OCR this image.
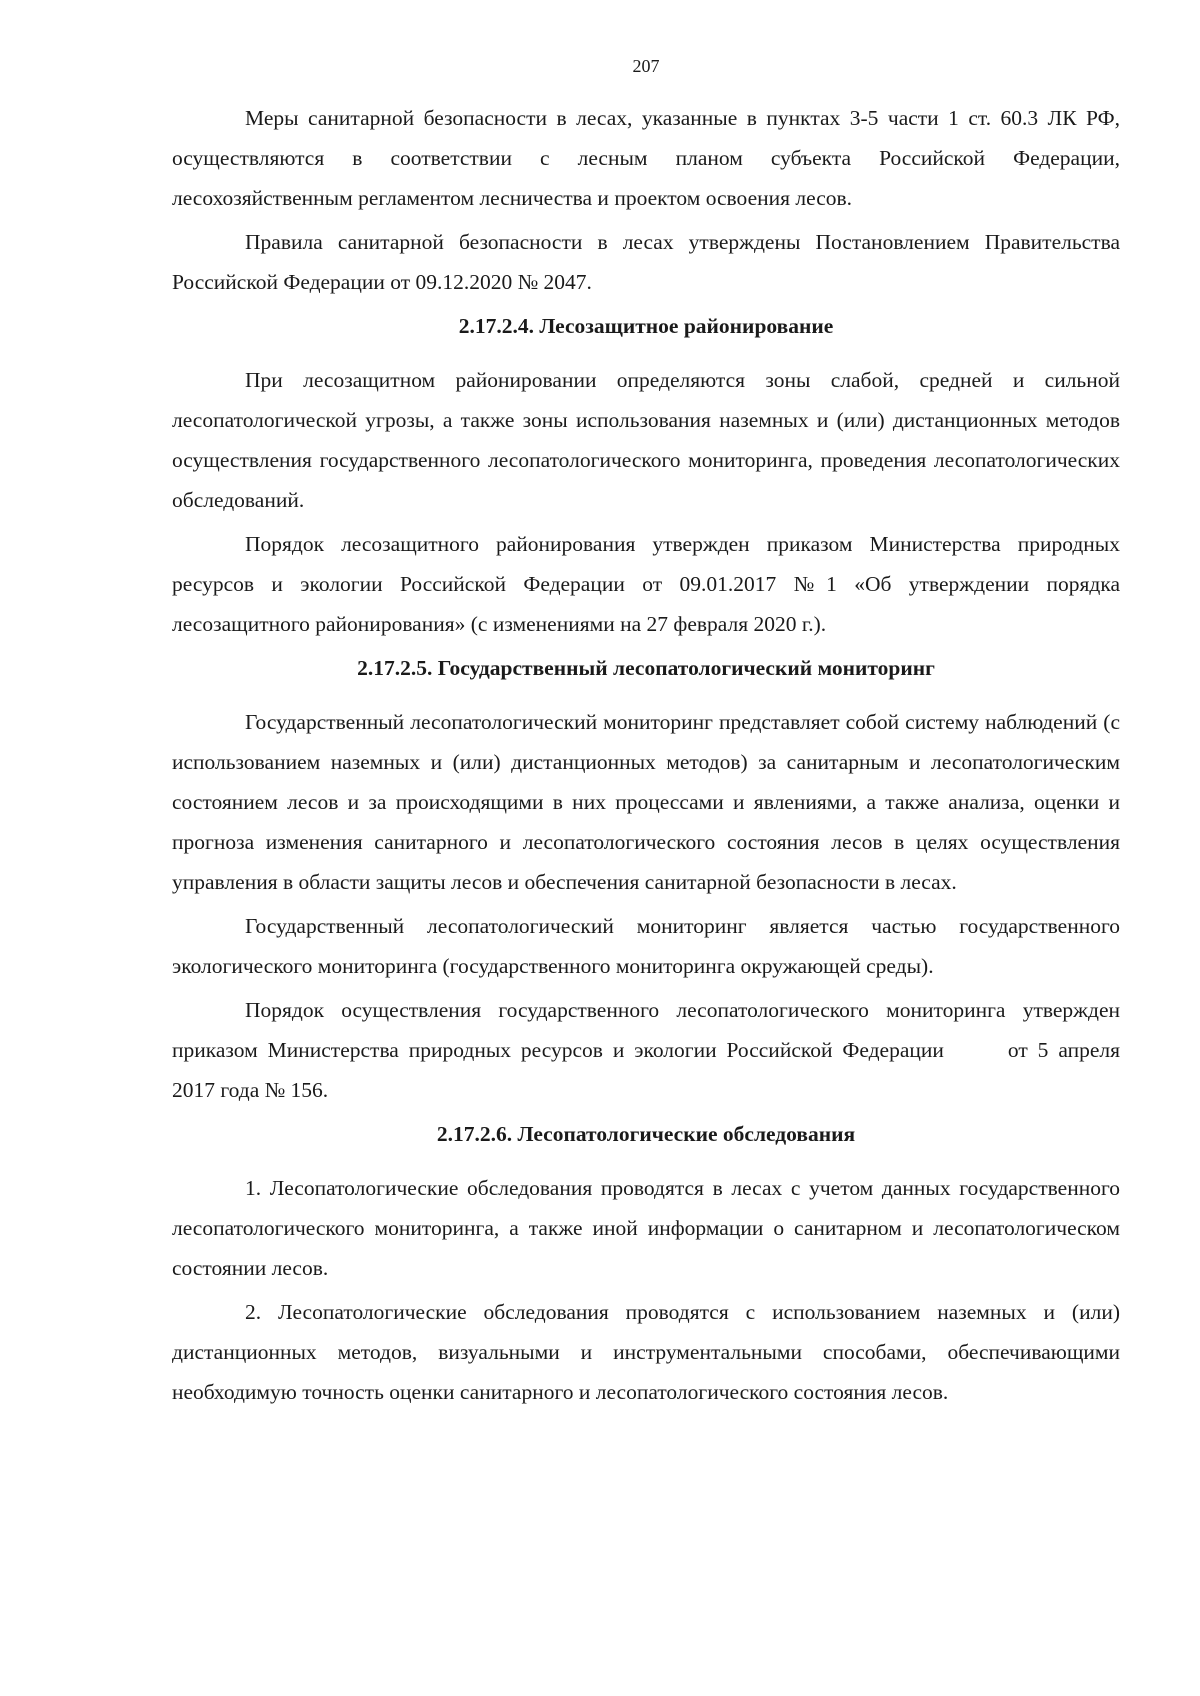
207

Меры санитарной безопасности в лесах, указанные в пунктах 3-5 части 1 ст. 60.3 ЛК РФ, осуществляются в соответствии с лесным планом субъекта Российской Федерации, лесохозяйственным регламентом лесничества и проектом освоения лесов.

Правила санитарной безопасности в лесах утверждены Постановлением Правительства Российской Федерации от 09.12.2020 № 2047.

2.17.2.4. Лесозащитное районирование

При лесозащитном районировании определяются зоны слабой, средней и сильной лесопатологической угрозы, а также зоны использования наземных и (или) дистанционных методов осуществления государственного лесопатологического мониторинга, проведения лесопатологических обследований.

Порядок лесозащитного районирования утвержден приказом Министерства природных ресурсов и экологии Российской Федерации от 09.01.2017 №1 «Об утверждении порядка лесозащитного районирования» (с изменениями на 27 февраля 2020 г.).

2.17.2.5. Государственный лесопатологический мониторинг

Государственный лесопатологический мониторинг представляет собой систему наблюдений (с использованием наземных и (или) дистанционных методов) за санитарным и лесопатологическим состоянием лесов и за происходящими в них процессами и явлениями, а также анализа, оценки и прогноза изменения санитарного и лесопатологического состояния лесов в целях осуществления управления в области защиты лесов и обеспечения санитарной безопасности в лесах.

Государственный лесопатологический мониторинг является частью государственного экологического мониторинга (государственного мониторинга окружающей среды).

Порядок осуществления государственного лесопатологического мониторинга утвержден приказом Министерства природных ресурсов и экологии Российской Федерации	от 5 апреля 2017 года № 156.

2.17.2.6. Лесопатологические обследования

1. Лесопатологические обследования проводятся в лесах с учетом данных государственного лесопатологического мониторинга, а также иной информации о санитарном и лесопатологическом состоянии лесов.

2. Лесопатологические обследования проводятся с использованием наземных и (или) дистанционных методов, визуальными и инструментальными способами, обеспечивающими необходимую точность оценки санитарного и лесопатологического состояния лесов.
